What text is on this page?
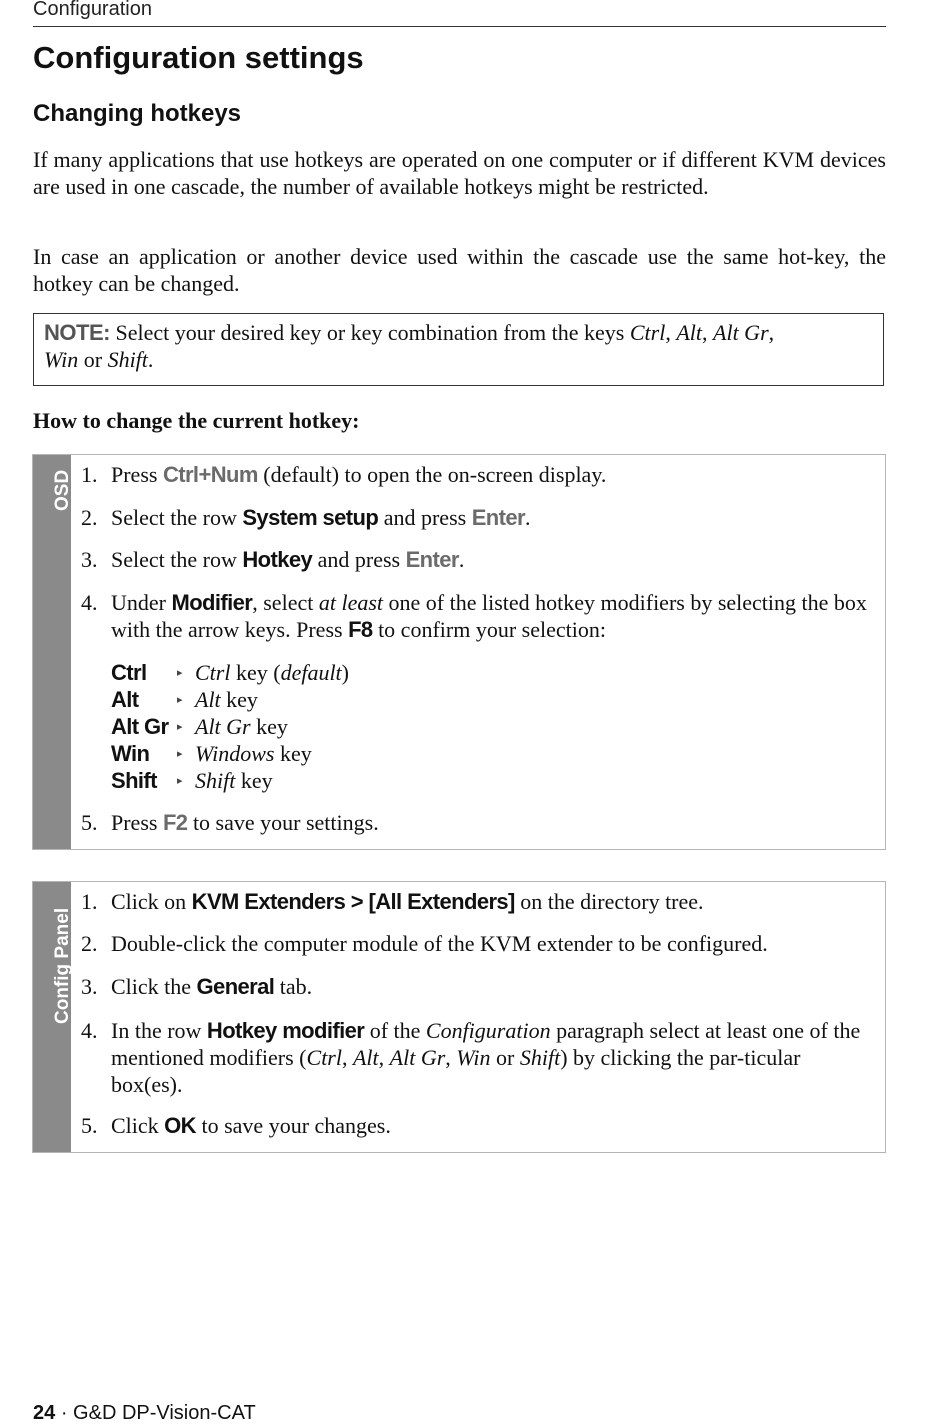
Configuration
Configuration settings
Changing hotkeys

If many applications that use hotkeys are operated on one computer or if different KVM devices are used in one cascade, the number of available hotkeys might be restricted.

In case an application or another device used within the cascade use the same hot-key, the hotkey can be changed.

NOTE: Select your desired key or key combination from the keys Ctrl, Alt, Alt Gr,
Win or Shift.
How to change the current hotkey:
OSD 1. Press Ctrl+Num (default) to open the on-screen display.
2. Select the row System setup and press Enter.
3. Select the row Hotkey and press Enter.
4. Under Modifier, select at least one of the listed hotkey modifiers by selecting the box with the arrow keys. Press F8 to confirm your selection:
5. Press F2 to save your settings.
Ctrl	▸ Ctrl key (default)
Alt	▸ Alt key
Alt Gr ▸ Alt Gr key
Win	▸ Windows key
Shift ▸ Shift key
Config Panel
1. Click on KVM Extenders > [All Extenders] on the directory tree.
2. Double-click the computer module of the KVM extender to be configured.
3. Click the General tab.
4. In the row Hotkey modifier of the Configuration paragraph select at least one of the mentioned modifiers (Ctrl, Alt, Alt Gr, Win or Shift) by clicking the par-ticular box(es).
5. Click OK to save your changes.
24 · G&D DP-Vision-CAT
